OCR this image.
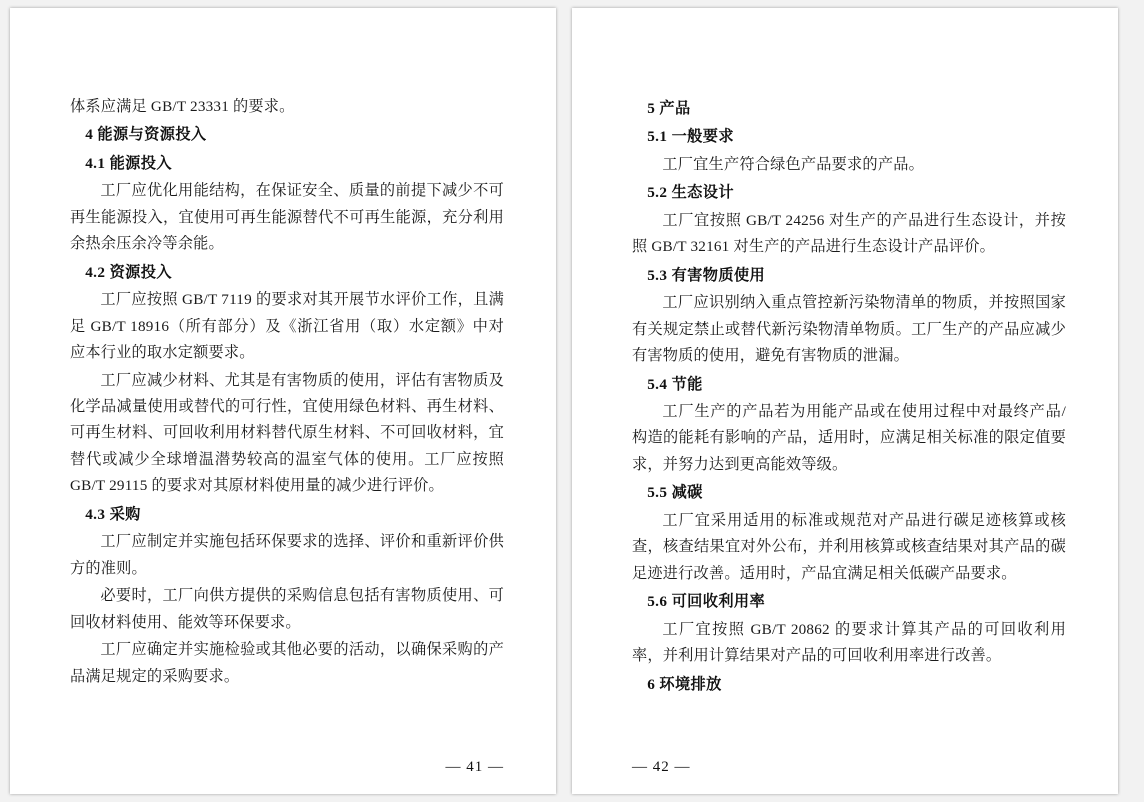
体系应满足 GB/T 23331 的要求。
4 能源与资源投入
4.1 能源投入
工厂应优化用能结构，在保证安全、质量的前提下减少不可再生能源投入，宜使用可再生能源替代不可再生能源，充分利用余热余压余冷等余能。
4.2 资源投入
工厂应按照 GB/T 7119 的要求对其开展节水评价工作，且满足 GB/T 18916（所有部分）及《浙江省用（取）水定额》中对应本行业的取水定额要求。
工厂应减少材料、尤其是有害物质的使用，评估有害物质及化学品减量使用或替代的可行性，宜使用绿色材料、再生材料、可再生材料、可回收利用材料替代原生材料、不可回收材料，宜替代或减少全球增温潜势较高的温室气体的使用。工厂应按照 GB/T 29115 的要求对其原材料使用量的减少进行评价。
4.3 采购
工厂应制定并实施包括环保要求的选择、评价和重新评价供方的准则。
必要时，工厂向供方提供的采购信息包括有害物质使用、可回收材料使用、能效等环保要求。
工厂应确定并实施检验或其他必要的活动，以确保采购的产品满足规定的采购要求。
— 41 —
5 产品
5.1 一般要求
工厂宜生产符合绿色产品要求的产品。
5.2 生态设计
工厂宜按照 GB/T 24256 对生产的产品进行生态设计，并按照 GB/T 32161 对生产的产品进行生态设计产品评价。
5.3 有害物质使用
工厂应识别纳入重点管控新污染物清单的物质，并按照国家有关规定禁止或替代新污染物清单物质。工厂生产的产品应减少有害物质的使用，避免有害物质的泄漏。
5.4 节能
工厂生产的产品若为用能产品或在使用过程中对最终产品/构造的能耗有影响的产品，适用时，应满足相关标准的限定值要求，并努力达到更高能效等级。
5.5 减碳
工厂宜采用适用的标准或规范对产品进行碳足迹核算或核查，核查结果宜对外公布，并利用核算或核查结果对其产品的碳足迹进行改善。适用时，产品宜满足相关低碳产品要求。
5.6 可回收利用率
工厂宜按照 GB/T 20862 的要求计算其产品的可回收利用率，并利用计算结果对产品的可回收利用率进行改善。
6 环境排放
— 42 —
